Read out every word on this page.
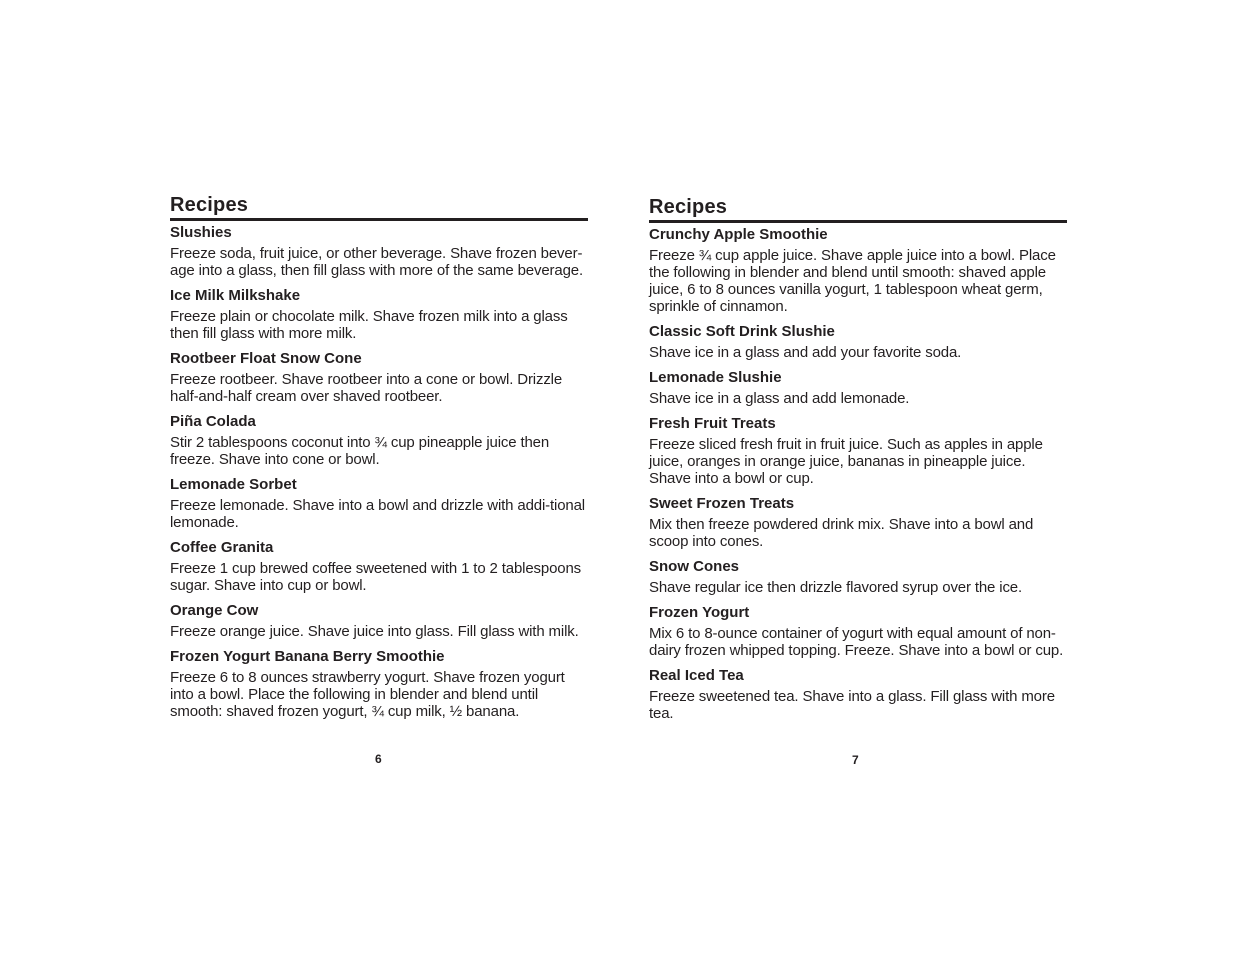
Recipes
Slushies

Freeze soda, fruit juice, or other beverage. Shave frozen bever-age into a glass, then fill glass with more of the same beverage.

Ice Milk Milkshake

Freeze plain or chocolate milk. Shave frozen milk into a glass then fill glass with more milk.

Rootbeer Float Snow Cone

Freeze rootbeer. Shave rootbeer into a cone or bowl. Drizzle half-and-half cream over shaved rootbeer.

Piña Colada

Stir 2 tablespoons coconut into ¾ cup pineapple juice then freeze. Shave into cone or bowl.

Lemonade Sorbet

Freeze lemonade. Shave into a bowl and drizzle with addi-tional lemonade.

Coffee Granita

Freeze 1 cup brewed coffee sweetened with 1 to 2 tablespoons sugar. Shave into cup or bowl.

Orange Cow

Freeze orange juice. Shave juice into glass. Fill glass with milk.

Frozen Yogurt Banana Berry Smoothie

Freeze 6 to 8 ounces strawberry yogurt. Shave frozen yogurt into a bowl. Place the following in blender and blend until smooth: shaved frozen yogurt, ¾ cup milk, ½ banana.

Recipes
Crunchy Apple Smoothie

Freeze ¾ cup apple juice. Shave apple juice into a bowl. Place the following in blender and blend until smooth: shaved apple juice, 6 to 8 ounces vanilla yogurt, 1 tablespoon wheat germ, sprinkle of cinnamon.

Classic Soft Drink Slushie

Shave ice in a glass and add your favorite soda.

Lemonade Slushie

Shave ice in a glass and add lemonade.

Fresh Fruit Treats

Freeze sliced fresh fruit in fruit juice. Such as apples in apple juice, oranges in orange juice, bananas in pineapple juice. Shave into a bowl or cup.

Sweet Frozen Treats

Mix then freeze powdered drink mix. Shave into a bowl and scoop into cones.

Snow Cones

Shave regular ice then drizzle flavored syrup over the ice.

Frozen Yogurt

Mix 6 to 8-ounce container of yogurt with equal amount of non-dairy frozen whipped topping. Freeze. Shave into a bowl or cup.

Real Iced Tea

Freeze sweetened tea. Shave into a glass. Fill glass with more tea.

6	7
